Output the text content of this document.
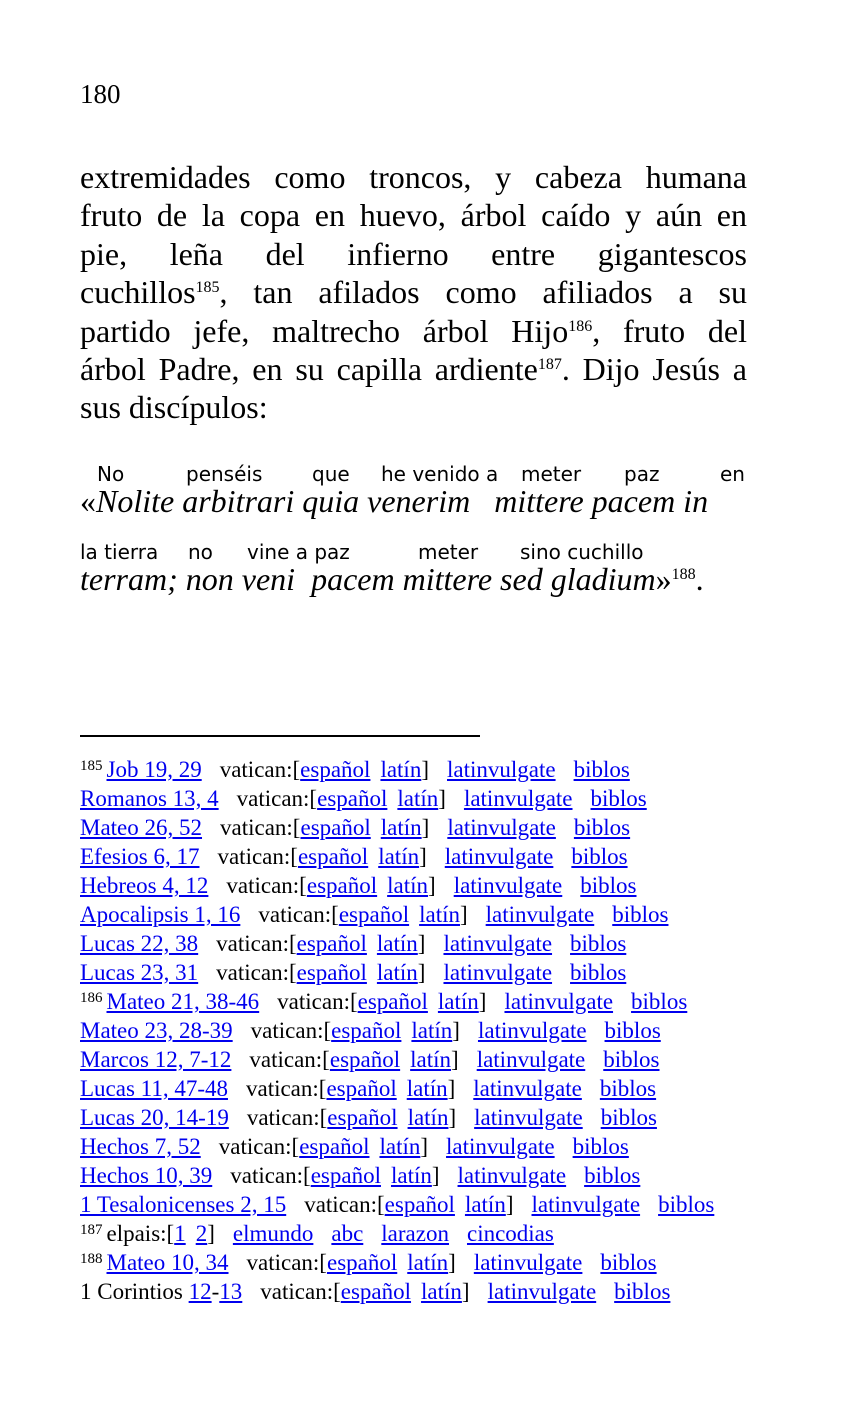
180
extremidades como troncos, y cabeza humana
fruto de la copa en huevo, árbol caído y aún en
pie, leña del infierno entre gigantescos
cuchillos$^{185}$, tan afilados como afiliados a su
partido jefe, maltrecho árbol Hijo$^{186}$, fruto del
árbol Padre, en su capilla ardiente$^{187}$. Dijo Jesús a
sus discípulos:
No	penséis que he venido a meter paz	en
«Nolite arbitrari quia venerim   mittere pacem in
la tierra no vine a paz	meter sino cuchillo
terram; non veni  pacem mittere sed gladium»$^{188}$.
$^{185}$ Job 19, 29 vatican:[español latín] latinvulgate biblos
Romanos 13, 4 vatican:[español latín] latinvulgate biblos
Mateo 26, 52 vatican:[español latín] latinvulgate biblos
Efesios 6, 17 vatican:[español latín] latinvulgate biblos
Hebreos 4, 12 vatican:[español latín] latinvulgate biblos
Apocalipsis 1, 16 vatican:[español latín] latinvulgate biblos
Lucas 22, 38 vatican:[español latín] latinvulgate biblos
Lucas 23, 31 vatican:[español latín] latinvulgate biblos
$^{186}$ Mateo 21, 38-46 vatican:[español latín] latinvulgate biblos
Mateo 23, 28-39 vatican:[español latín] latinvulgate biblos
Marcos 12, 7-12 vatican:[español latín] latinvulgate biblos
Lucas 11, 47-48 vatican:[español latín] latinvulgate biblos
Lucas 20, 14-19 vatican:[español latín] latinvulgate biblos
Hechos 7, 52 vatican:[español latín] latinvulgate biblos
Hechos 10, 39 vatican:[español latín] latinvulgate biblos
1 Tesalonicenses 2, 15 vatican:[español latín] latinvulgate biblos
$^{187}$ elpais:[1 2] elmundo abc larazon cincodias
$^{188}$ Mateo 10, 34 vatican:[español latín] latinvulgate biblos
1 Corintios 12-13 vatican:[español latín] latinvulgate biblos
